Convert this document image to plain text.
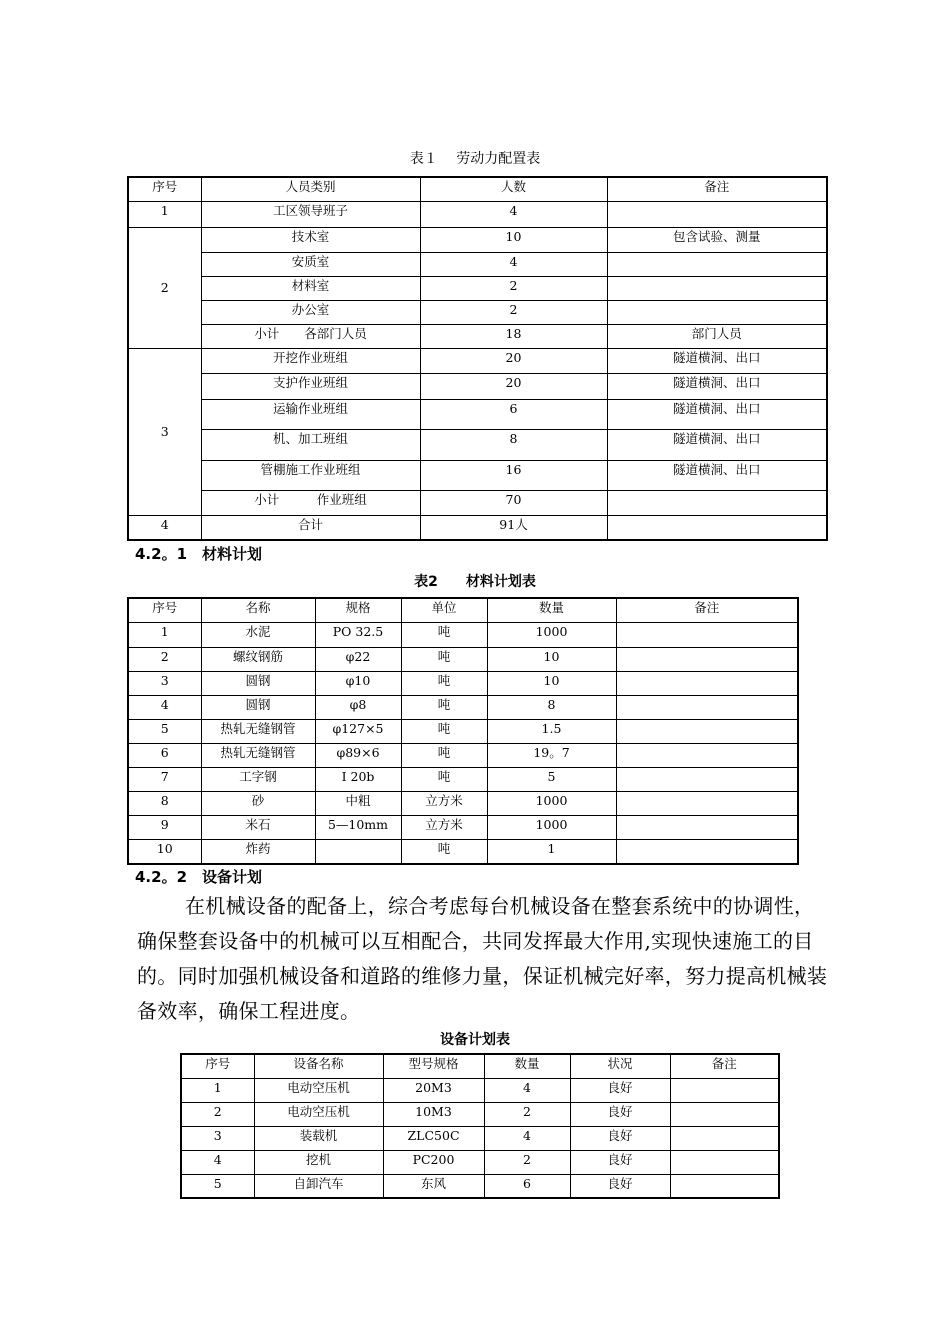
表１　 劳动力配置表
序号	人员类别	人数	备注
1	工区领导班子	4	
2	技术室	10	包含试验、测量
	安质室	4	
	材料室	2	
	办公室	2	
	小计　　各部门人员	18	部门人员
3	开挖作业班组	20	隧道横洞、出口
	支护作业班组	20	隧道横洞、出口
	运输作业班组	6	隧道横洞、出口
	机、加工班组	8	隧道横洞、出口
	管棚施工作业班组	16	隧道横洞、出口
	小计　　　作业班组	70	
4	合计	91人	
4.2。1　材料计划
表2　　材料计划表
序号	名称	规格	单位	数量	备注
1	水泥	PO 32.5	吨	1000	
2	螺纹钢筋	φ22	吨	10	
3	圆钢	φ10	吨	10	
4	圆钢	φ8	吨	8	
5	热轧无缝钢管	φ127×5	吨	1.5	
6	热轧无缝钢管	φ89×6	吨	19。7	
7	工字钢	I 20b	吨	5	
8	砂	中粗	立方米	1000	
9	米石	5—10mm	立方米	1000	
10	炸药		吨	1	
4.2。2　设备计划
在机械设备的配备上，综合考虑每台机械设备在整套系统中的协调性，确保整套设备中的机械可以互相配合，共同发挥最大作用,实现快速施工的目的。同时加强机械设备和道路的维修力量，保证机械完好率，努力提高机械装备效率，确保工程进度。
设备计划表
序号	设备名称	型号规格	数量	状况	备注
1	电动空压机	20M3	4	良好	
2	电动空压机	10M3	2	良好	
3	装载机	ZLC50C	4	良好	
4	挖机	PC200	2	良好	
5	自卸汽车	东风	6	良好	
